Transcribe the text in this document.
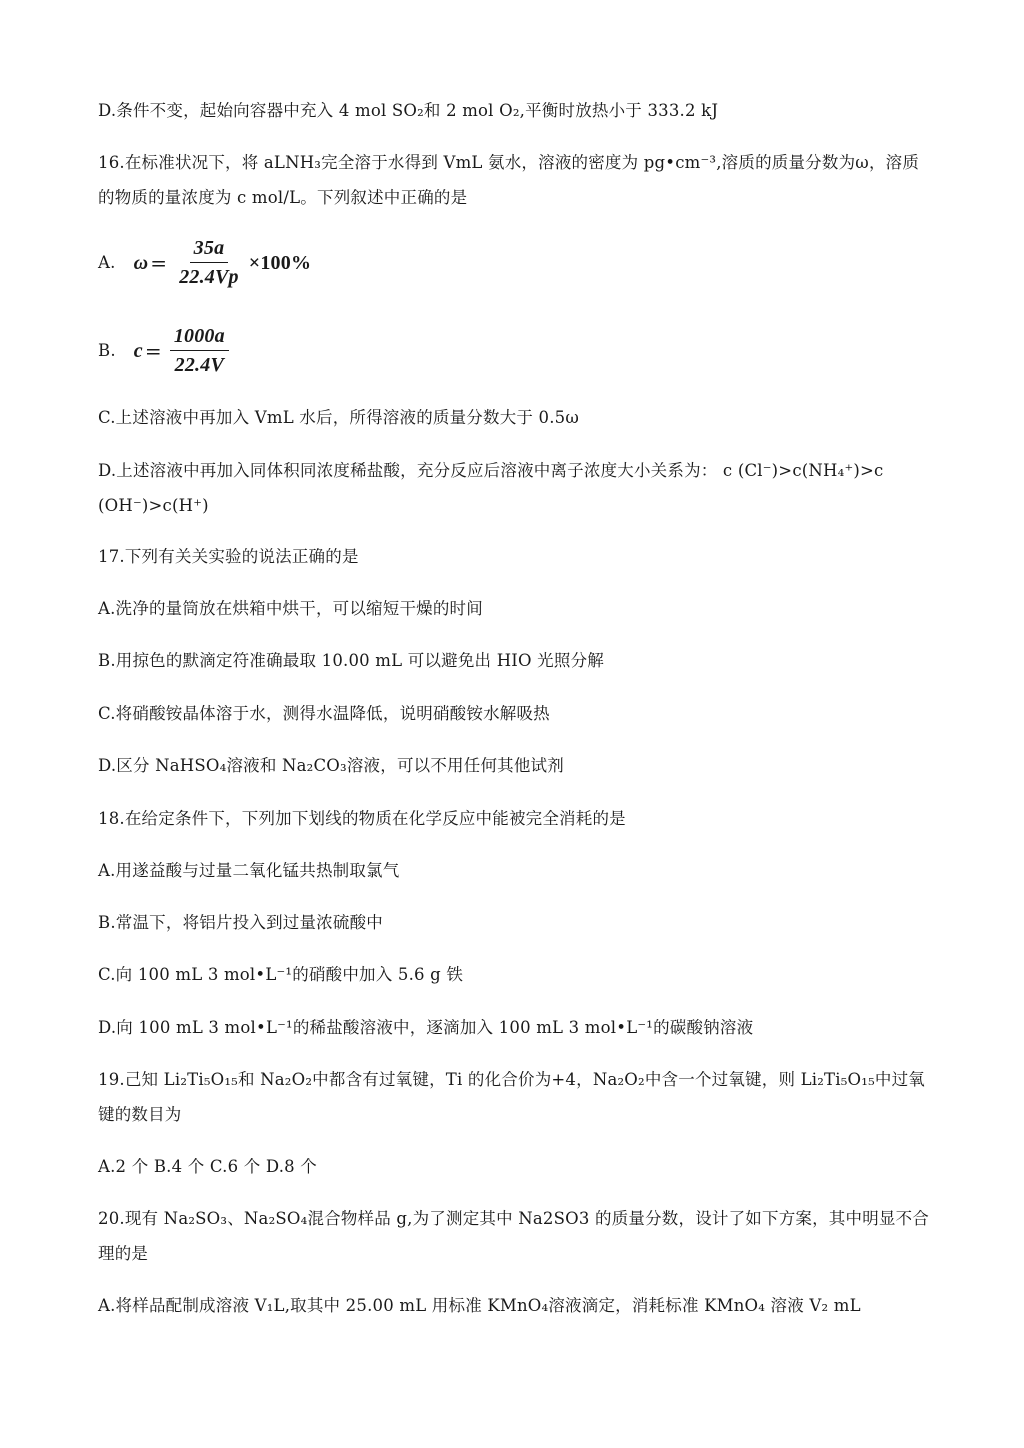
D.条件不变，起始向容器中充入 4 mol SO₂和 2 mol O₂,平衡时放热小于 333.2 kJ
16.在标准状况下，将 aLNH₃完全溶于水得到 VmL 氨水，溶液的密度为 pg•cm⁻³,溶质的质量分数为ω，溶质
的物质的量浓度为 c mol/L。下列叙述中正确的是
A. $\omega = \frac{35a}{22.4Vp} \times 100\%$
B. $c = \frac{1000a}{22.4V}$
C.上述溶液中再加入 VmL 水后，所得溶液的质量分数大于 0.5ω
D.上述溶液中再加入同体积同浓度稀盐酸，充分反应后溶液中离子浓度大小关系为： c (Cl⁻)>c(NH₄⁺)>c
(OH⁻)>c(H⁺)
17.下列有关关实验的说法正确的是
A.洗净的量筒放在烘箱中烘干，可以缩短干燥的时间
B.用掠色的默滴定符准确最取 10.00 mL 可以避免出 HIO 光照分解
C.将硝酸铵晶体溶于水，测得水温降低，说明硝酸铵水解吸热
D.区分 NaHSO₄溶液和 Na₂CO₃溶液，可以不用任何其他试剂
18.在给定条件下，下列加下划线的物质在化学反应中能被完全消耗的是
A.用遂益酸与过量二氧化锰共热制取氯气
B.常温下，将铝片投入到过量浓硫酸中
C.向 100 mL 3 mol•L⁻¹的硝酸中加入 5.6 g 铁
D.向 100 mL 3 mol•L⁻¹的稀盐酸溶液中，逐滴加入 100 mL 3 mol•L⁻¹的碳酸钠溶液
19.己知 Li₂Ti₅O₁₅和 Na₂O₂中都含有过氧键，Ti 的化合价为+4，Na₂O₂中含一个过氧键，则 Li₂Ti₅O₁₅中过氧
键的数目为
A.2 个 B.4 个 C.6 个 D.8 个
20.现有 Na₂SO₃、Na₂SO₄混合物样品 g,为了测定其中 Na2SO3 的质量分数，设计了如下方案，其中明显不合
理的是
A.将样品配制成溶液 V₁L,取其中 25.00 mL 用标准 KMnO₄溶液滴定，消耗标准 KMnO₄ 溶液 V₂ mL
